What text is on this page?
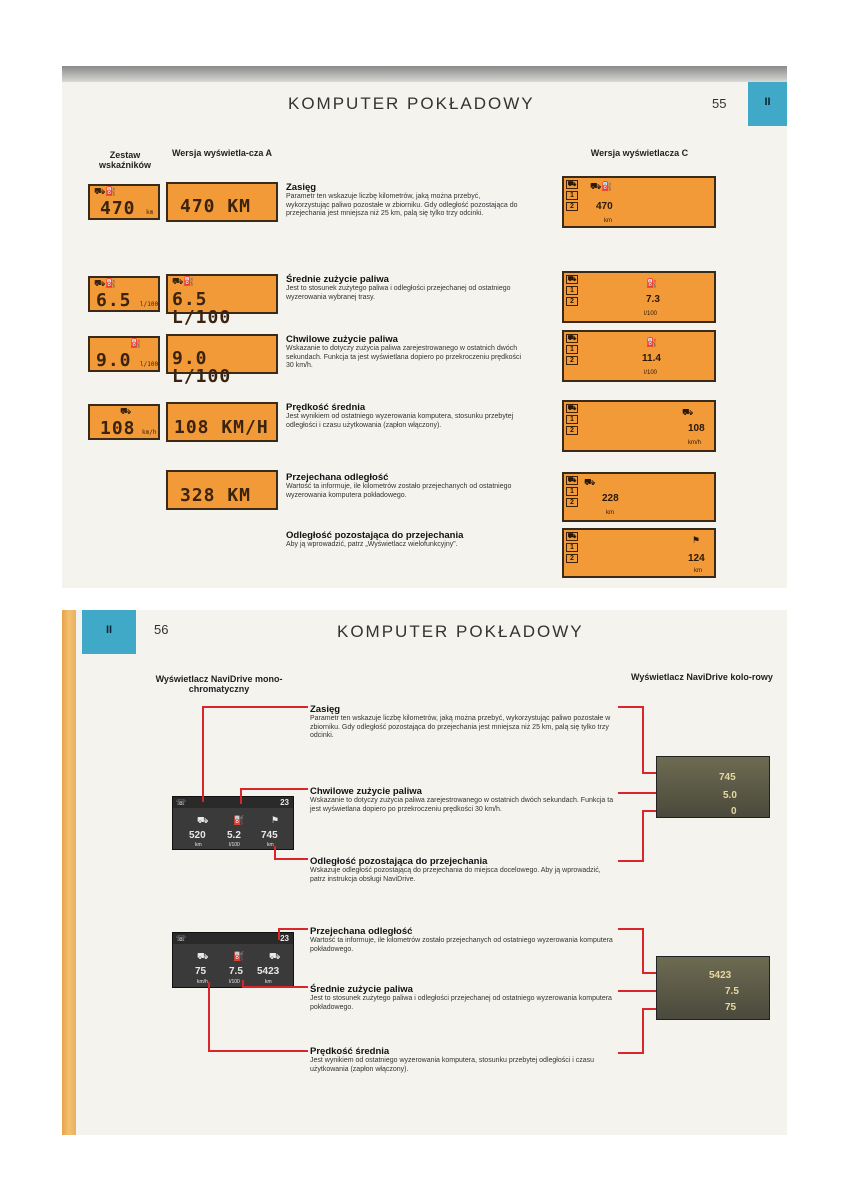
KOMPUTER POKŁADOWY	55	II
Zestaw wskaźników
Wersja wyświetla-cza A	Wersja wyświetlacza C
⛟⛽
470 km
⛟⛽
6.5 l/100
⛽
9.0 l/100
⛟
108 km/h
470 KM
⛟⛽
6.5 L/100
9.0 L/100
108 KM/H
328 KM
Zasięg
Parametr ten wskazuje liczbę kilometrów, jaką można przebyć, wykorzystując paliwo pozostałe w zbiorniku. Gdy odległość pozostająca do przejechania jest mniejsza niż 25 km, palą się tylko trzy odcinki.
Średnie zużycie paliwa
Jest to stosunek zużytego paliwa i odległości przejechanej od ostatniego wyzerowania wybranej trasy.
Chwilowe zużycie paliwa
Wskazanie to dotyczy zużycia paliwa zarejestrowanego w ostatnich dwóch sekundach. Funkcja ta jest wyświetlana dopiero po przekroczeniu prędkości 30 km/h.
Prędkość średnia
Jest wynikiem od ostatniego wyzerowania komputera, stosunku przebytej odległości i czasu użytkowania (zapłon włączony).
Przejechana odległość
Wartość ta informuje, ile kilometrów zostało przejechanych od ostatniego wyzerowania komputera pokładowego.
Odległość pozostająca do przejechania
Aby ją wprowadzić, patrz „Wyświetlacz wielofunkcyjny”.
⛟
1
2
⛟⛽
470
km
⛟
1
2
⛽
7.3
l/100
⛟
1
2
⛽
11.4
l/100
⛟
1
2
⛟
108
km/h
⛟
1
2
⛟
228
km
⛟
1
2
⚑
124
km
II	56	KOMPUTER POKŁADOWY
Wyświetlacz NaviDrive mono-chromatyczny
Wyświetlacz NaviDrive kolo-rowy
Zasięg
Parametr ten wskazuje liczbę kilometrów, jaką można przebyć, wykorzystując paliwo pozostałe w zbiorniku. Gdy odległość pozostająca do przejechania jest mniejsza niż 25 km, palą się tylko trzy odcinki.
Chwilowe zużycie paliwa
Wskazanie to dotyczy zużycia paliwa zarejestrowanego w ostatnich dwóch sekundach. Funkcja ta jest wyświetlana dopiero po przekroczeniu prędkości 30 km/h.
Odległość pozostająca do przejechania
Wskazuje odległość pozostającą do przejechania do miejsca docelowego. Aby ją wprowadzić, patrz instrukcja obsługi NaviDrive.
Przejechana odległość
Wartość ta informuje, ile kilometrów zostało przejechanych od ostatniego wyzerowania komputera pokładowego.
Średnie zużycie paliwa
Jest to stosunek zużytego paliwa i odległości przejechanej od ostatniego wyzerowania komputera pokładowego.
Prędkość średnia
Jest wynikiem od ostatniego wyzerowania komputera, stosunku przebytej odległości i czasu użytkowania (zapłon włączony).
☏	23
520 5.2 745
km	l/100	km
⛟	⛽	⚑
☏	23
75 7.5 5423
km/h	l/100	km
⛟	⛽	⛟
745
5.0
0
5423
7.5
75
